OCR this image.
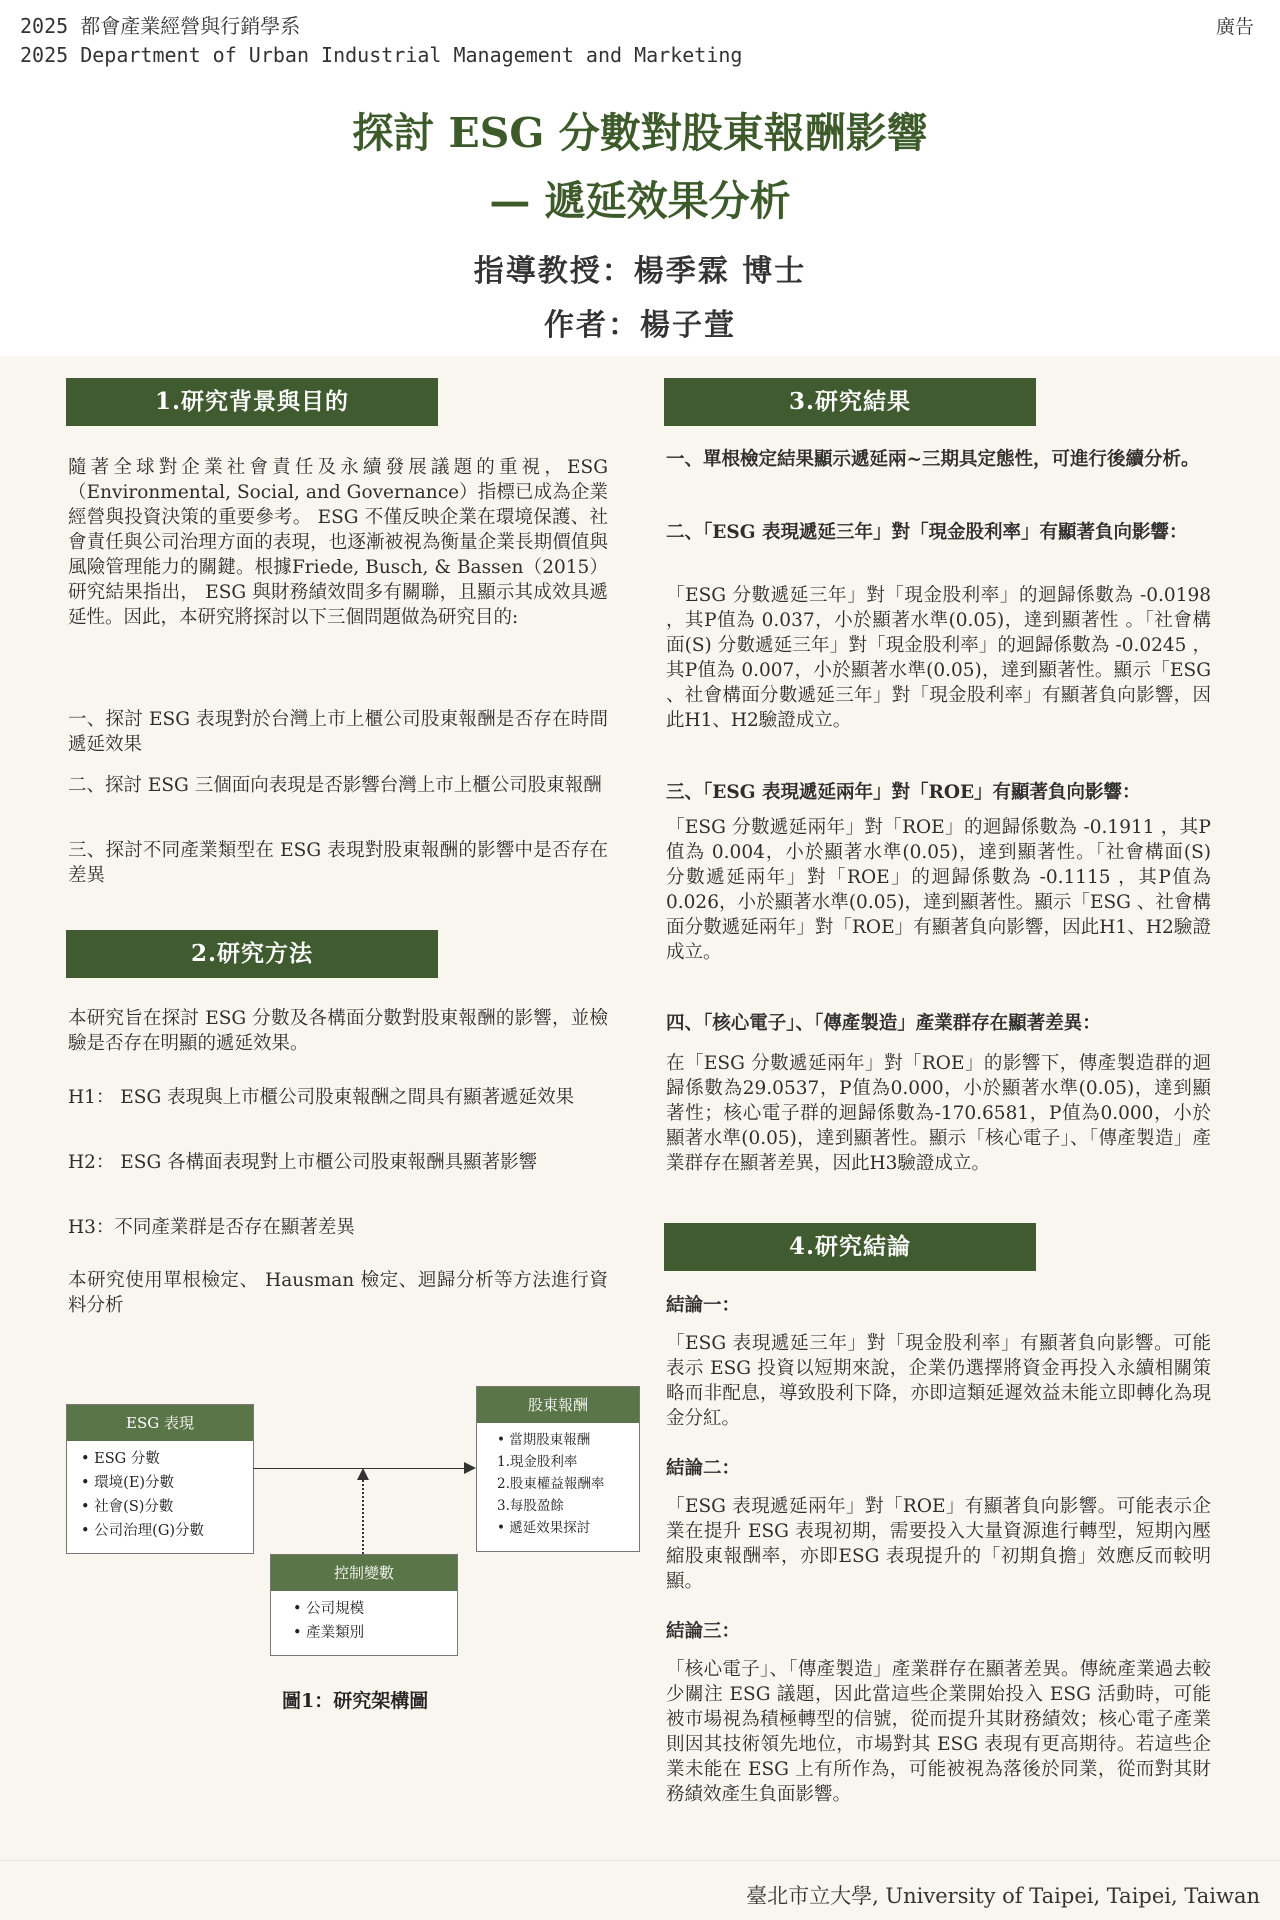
2025 都會產業經營與行銷學系
2025 Department of Urban Industrial Management and Marketing
廣告
探討 ESG 分數對股東報酬影響
— 遞延效果分析
指導教授：楊季霖 博士
作者：楊子萱
1.研究背景與目的
隨著全球對企業社會責任及永續發展議題的重視，ESG（Environmental, Social, and Governance）指標已成為企業經營與投資決策的重要參考。 ESG 不僅反映企業在環境保護、社會責任與公司治理方面的表現，也逐漸被視為衡量企業長期價值與風險管理能力的關鍵。根據Friede, Busch, & Bassen（2015）研究結果指出， ESG 與財務績效間多有關聯，且顯示其成效具遞延性。因此，本研究將探討以下三個問題做為研究目的:
一、探討 ESG 表現對於台灣上市上櫃公司股東報酬是否存在時間遞延效果
二、探討 ESG 三個面向表現是否影響台灣上市上櫃公司股東報酬
三、探討不同產業類型在 ESG 表現對股東報酬的影響中是否存在差異
2.研究方法
本研究旨在探討 ESG 分數及各構面分數對股東報酬的影響，並檢驗是否存在明顯的遞延效果。
H1： ESG 表現與上市櫃公司股東報酬之間具有顯著遞延效果
H2： ESG 各構面表現對上市櫃公司股東報酬具顯著影響
H3：不同產業群是否存在顯著差異
本研究使用單根檢定、 Hausman 檢定、迴歸分析等方法進行資料分析
ESG 表現
• ESG 分數
• 環境(E)分數
• 社會(S)分數
• 公司治理(G)分數
股東報酬
• 當期股東報酬
1.現金股利率
2.股東權益報酬率
3.每股盈餘
• 遞延效果探討
控制變數
• 公司規模
• 產業類別
圖1：研究架構圖
3.研究結果
一、單根檢定結果顯示遞延兩~三期具定態性，可進行後續分析。
二、「ESG 表現遞延三年」對「現金股利率」有顯著負向影響：
「ESG 分數遞延三年」對「現金股利率」的迴歸係數為 -0.0198 ，其P值為 0.037，小於顯著水準(0.05)，達到顯著性 。「社會構面(S) 分數遞延三年」對「現金股利率」的迴歸係數為 -0.0245 ，其P值為 0.007，小於顯著水準(0.05)，達到顯著性。顯示「ESG 、社會構面分數遞延三年」對「現金股利率」有顯著負向影響，因此H1、H2驗證成立。
三、「ESG 表現遞延兩年」對「ROE」有顯著負向影響：
「ESG 分數遞延兩年」對「ROE」的迴歸係數為 -0.1911 ，其P值為 0.004，小於顯著水準(0.05)，達到顯著性。「社會構面(S) 分數遞延兩年」對「ROE」的迴歸係數為 -0.1115 ，其P值為 0.026，小於顯著水準(0.05)，達到顯著性。顯示「ESG 、社會構面分數遞延兩年」對「ROE」有顯著負向影響，因此H1、H2驗證成立。
四、「核心電子」、「傳產製造」產業群存在顯著差異：
在「ESG 分數遞延兩年」對「ROE」的影響下，傳產製造群的迴歸係數為29.0537，P值為0.000，小於顯著水準(0.05)，達到顯著性；核心電子群的迴歸係數為-170.6581，P值為0.000，小於顯著水準(0.05)，達到顯著性。顯示「核心電子」、「傳產製造」產業群存在顯著差異，因此H3驗證成立。
4.研究結論
結論一：
「ESG 表現遞延三年」對「現金股利率」有顯著負向影響。可能表示 ESG 投資以短期來說，企業仍選擇將資金再投入永續相關策略而非配息，導致股利下降，亦即這類延遲效益未能立即轉化為現金分紅。
結論二：
「ESG 表現遞延兩年」對「ROE」有顯著負向影響。可能表示企業在提升 ESG 表現初期，需要投入大量資源進行轉型，短期內壓縮股東報酬率，亦即ESG 表現提升的「初期負擔」效應反而較明顯。
結論三：
「核心電子」、「傳產製造」產業群存在顯著差異。傳統產業過去較少關注 ESG 議題，因此當這些企業開始投入 ESG 活動時，可能被市場視為積極轉型的信號，從而提升其財務績效；核心電子產業則因其技術領先地位，市場對其 ESG 表現有更高期待。若這些企業未能在 ESG 上有所作為，可能被視為落後於同業，從而對其財務績效產生負面影響。
臺北市立大學, University of Taipei, Taipei, Taiwan
